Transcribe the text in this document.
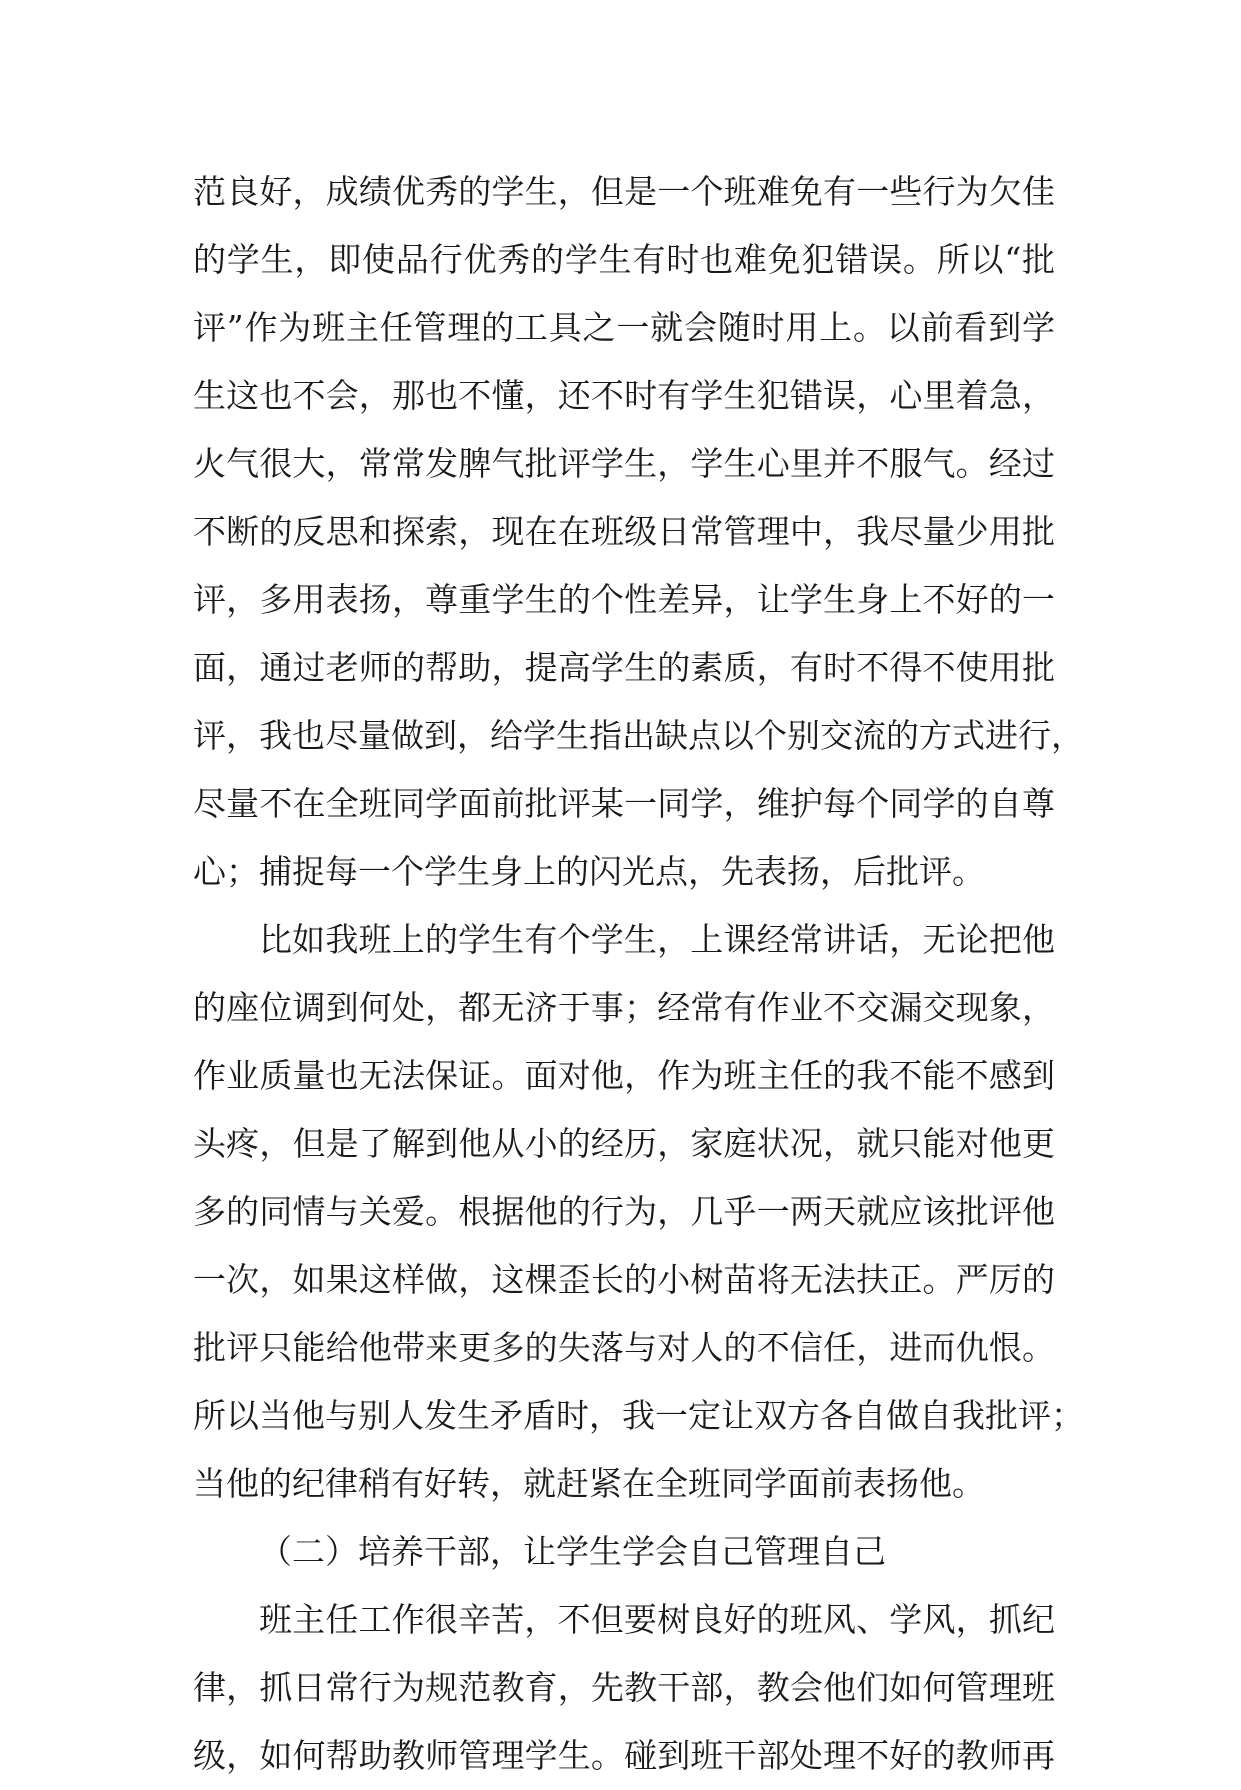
范良好，成绩优秀的学生，但是一个班难免有一些行为欠佳
的学生，即使品行优秀的学生有时也难免犯错误。所以“批
评”作为班主任管理的工具之一就会随时用上。以前看到学
生这也不会，那也不懂，还不时有学生犯错误，心里着急，
火气很大，常常发脾气批评学生，学生心里并不服气。经过
不断的反思和探索，现在在班级日常管理中，我尽量少用批
评，多用表扬，尊重学生的个性差异，让学生身上不好的一
面，通过老师的帮助，提高学生的素质，有时不得不使用批
评，我也尽量做到，给学生指出缺点以个别交流的方式进行，
尽量不在全班同学面前批评某一同学，维护每个同学的自尊
心；捕捉每一个学生身上的闪光点，先表扬，后批评。
比如我班上的学生有个学生，上课经常讲话，无论把他
的座位调到何处，都无济于事；经常有作业不交漏交现象，
作业质量也无法保证。面对他，作为班主任的我不能不感到
头疼，但是了解到他从小的经历，家庭状况，就只能对他更
多的同情与关爱。根据他的行为，几乎一两天就应该批评他
一次，如果这样做，这棵歪长的小树苗将无法扶正。严厉的
批评只能给他带来更多的失落与对人的不信任，进而仇恨。
所以当他与别人发生矛盾时，我一定让双方各自做自我批评；
当他的纪律稍有好转，就赶紧在全班同学面前表扬他。
（二）培养干部，让学生学会自己管理自己
班主任工作很辛苦，不但要树良好的班风、学风，抓纪
律，抓日常行为规范教育，先教干部，教会他们如何管理班
级，如何帮助教师管理学生。碰到班干部处理不好的教师再
